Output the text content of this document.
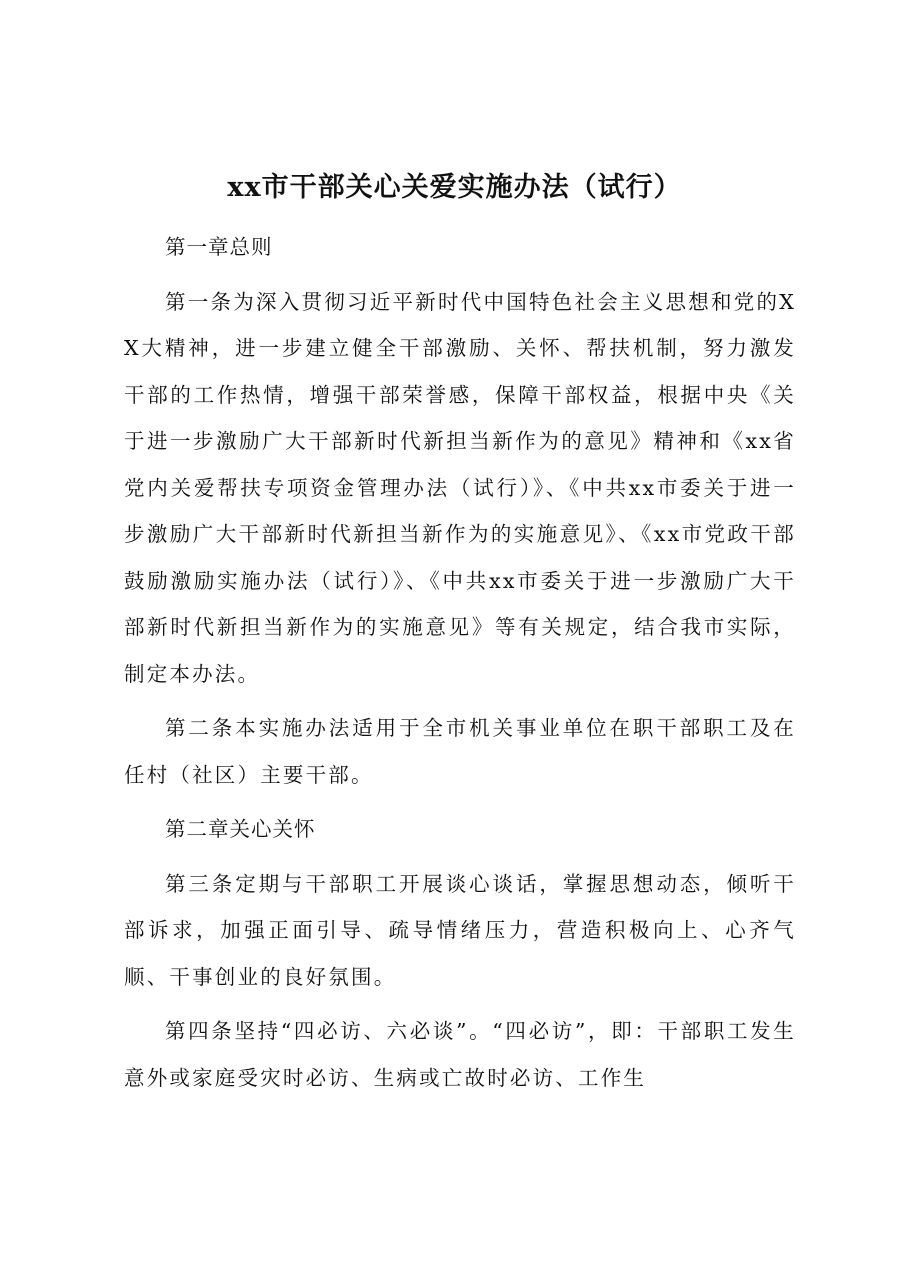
xx市干部关心关爱实施办法（试行）

第一章总则

第一条为深入贯彻习近平新时代中国特色社会主义思想和党的XX大精神，进一步建立健全干部激励、关怀、帮扶机制，努力激发干部的工作热情，增强干部荣誉感，保障干部权益，根据中央《关于进一步激励广大干部新时代新担当新作为的意见》精神和《xx省党内关爱帮扶专项资金管理办法（试行）》、《中共xx市委关于进一步激励广大干部新时代新担当新作为的实施意见》、《xx市党政干部鼓励激励实施办法（试行）》、《中共xx市委关于进一步激励广大干部新时代新担当新作为的实施意见》等有关规定，结合我市实际，制定本办法。

第二条本实施办法适用于全市机关事业单位在职干部职工及在任村（社区）主要干部。

第二章关心关怀

第三条定期与干部职工开展谈心谈话，掌握思想动态，倾听干部诉求，加强正面引导、疏导情绪压力，营造积极向上、心齐气顺、干事创业的良好氛围。

第四条坚持“四必访、六必谈”。“四必访”，即：干部职工发生意外或家庭受灾时必访、生病或亡故时必访、工作生
